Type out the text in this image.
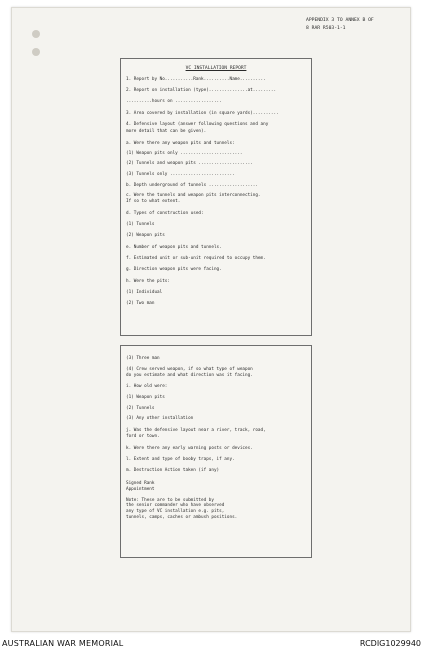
APPENDIX 3 TO ANNEX B OF
8 RAR R503-1-1
VC INSTALLATION REPORT
1. Report by No...........Rank..........Name..........
2. Report on installation (type)...............at.........
..........hours on ..................
3. Area covered by installation (in square yards)..........
4. Defensive layout (answer following questions and any
more detail that can be given).
a. Were there any weapon pits and tunnels:
(1) Weapon pits only ........................
(2) Tunnels and weapon pits .....................
(3) Tunnels only .........................
b. Depth underground of tunnels ...................
c. Were the tunnels and weapon pits interconnecting.
If so to what extent.
d. Types of construction used:
(1) Tunnels
(2) Weapon pits
e. Number of weapon pits and tunnels.
f. Estimated unit or sub-unit required to occupy them.
g. Direction weapon pits were facing.
h. Were the pits:
(1) Individual
(2) Two man
(3) Three man
(4) Crew served weapon, if so what type of weapon
do you estimate and what direction was it facing.
i. How old were:
(1) Weapon pits
(2) Tunnels
(3) Any other installation
j. Was the defensive layout near a river, track, road,
ford or town.
k. Were there any early warning posts or devices.
l. Extent and type of booby traps, if any.
m. Destruction Action taken (if any)
Signed Rank
Appointment
Note: These are to be submitted by
the senior commander who have observed
any type of VC installation e.g. pits,
tunnels, camps, caches or ambush positions.
AUSTRALIAN WAR MEMORIAL	RCDIG1029940
